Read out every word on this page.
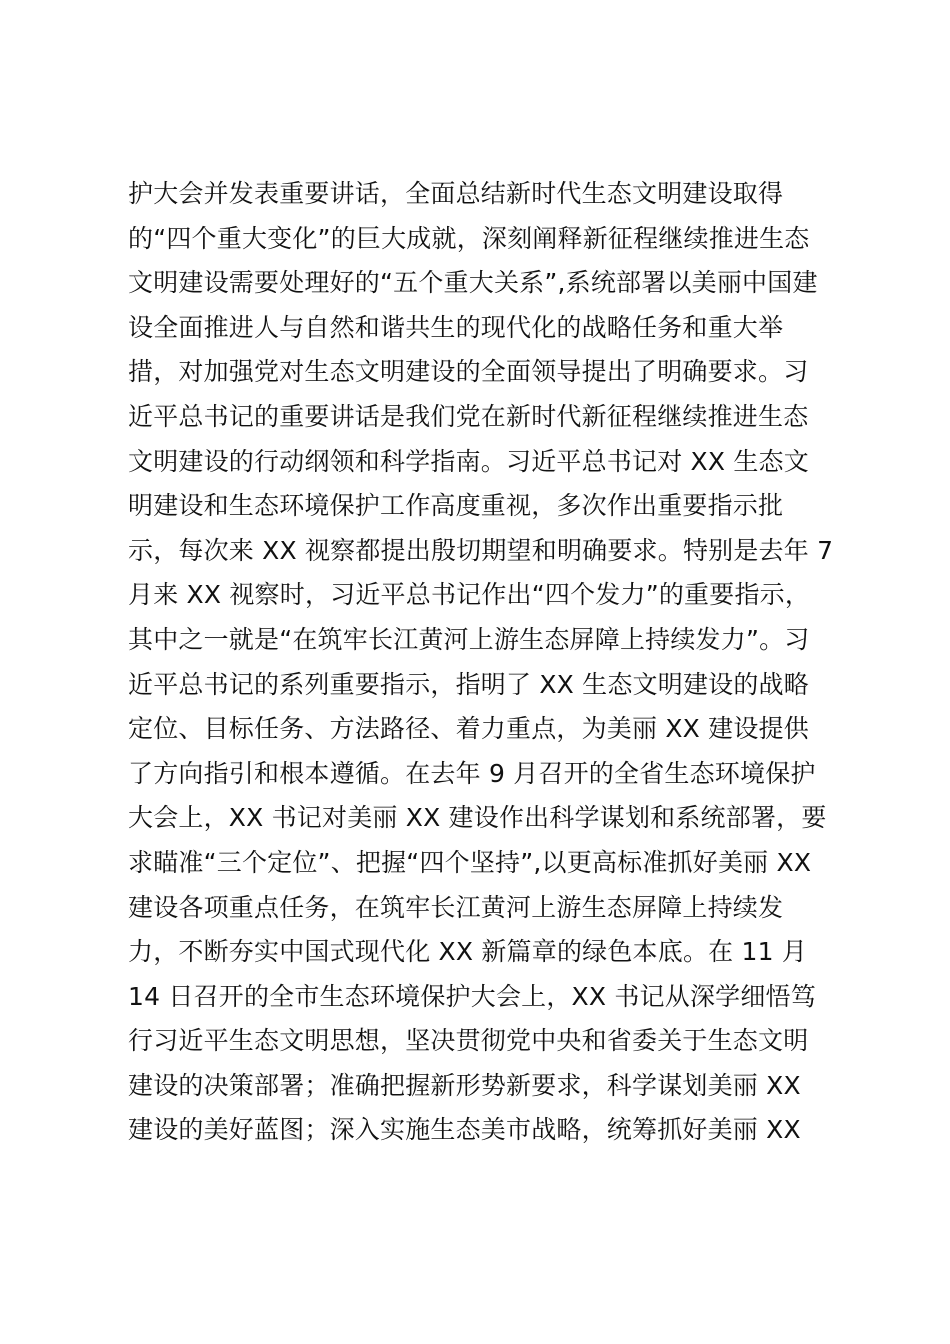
护大会并发表重要讲话，全面总结新时代生态文明建设取得
的“四个重大变化”的巨大成就，深刻阐释新征程继续推进生态
文明建设需要处理好的“五个重大关系”,系统部署以美丽中国建
设全面推进人与自然和谐共生的现代化的战略任务和重大举
措，对加强党对生态文明建设的全面领导提出了明确要求。习
近平总书记的重要讲话是我们党在新时代新征程继续推进生态
文明建设的行动纲领和科学指南。习近平总书记对 XX 生态文
明建设和生态环境保护工作高度重视，多次作出重要指示批
示，每次来 XX 视察都提出殷切期望和明确要求。特别是去年 7
月来 XX 视察时，习近平总书记作出“四个发力”的重要指示，
其中之一就是“在筑牢长江黄河上游生态屏障上持续发力”。习
近平总书记的系列重要指示，指明了 XX 生态文明建设的战略
定位、目标任务、方法路径、着力重点，为美丽 XX 建设提供
了方向指引和根本遵循。在去年 9 月召开的全省生态环境保护
大会上，XX 书记对美丽 XX 建设作出科学谋划和系统部署，要
求瞄准“三个定位”、把握“四个坚持”,以更高标准抓好美丽 XX
建设各项重点任务，在筑牢长江黄河上游生态屏障上持续发
力，不断夯实中国式现代化 XX 新篇章的绿色本底。在 11 月
14 日召开的全市生态环境保护大会上，XX 书记从深学细悟笃
行习近平生态文明思想，坚决贯彻党中央和省委关于生态文明
建设的决策部署；准确把握新形势新要求，科学谋划美丽 XX
建设的美好蓝图；深入实施生态美市战略，统筹抓好美丽 XX
